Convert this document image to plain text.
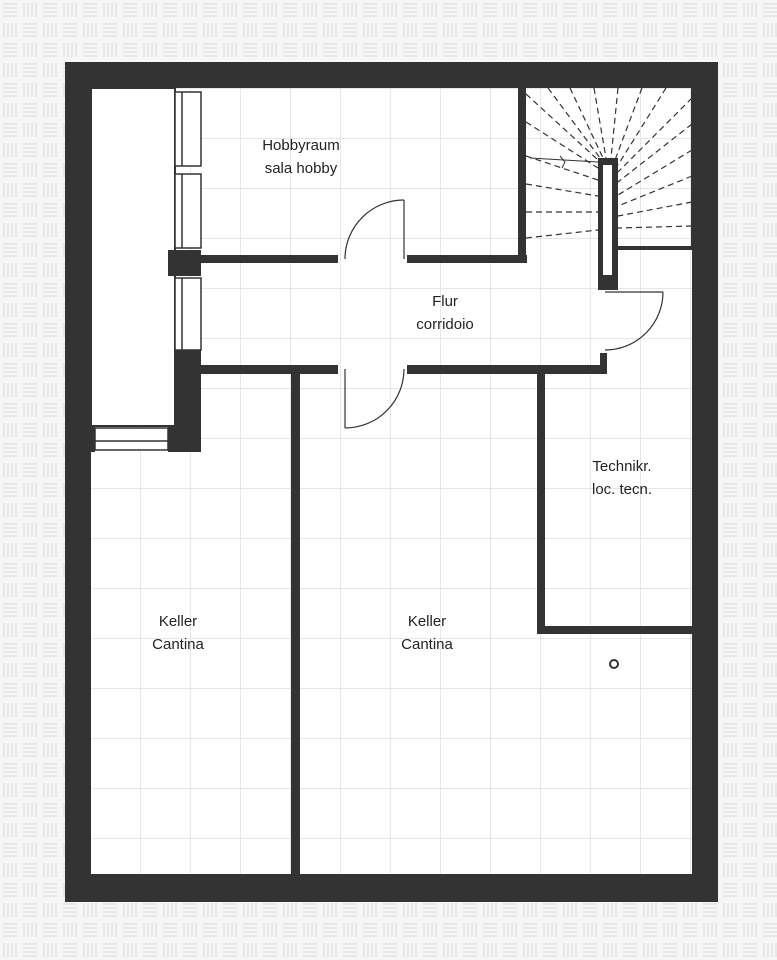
Hobbyraum
sala hobby
Flur
corridoio
Technikr.
loc. tecn.
Keller
Cantina
Keller
Cantina
